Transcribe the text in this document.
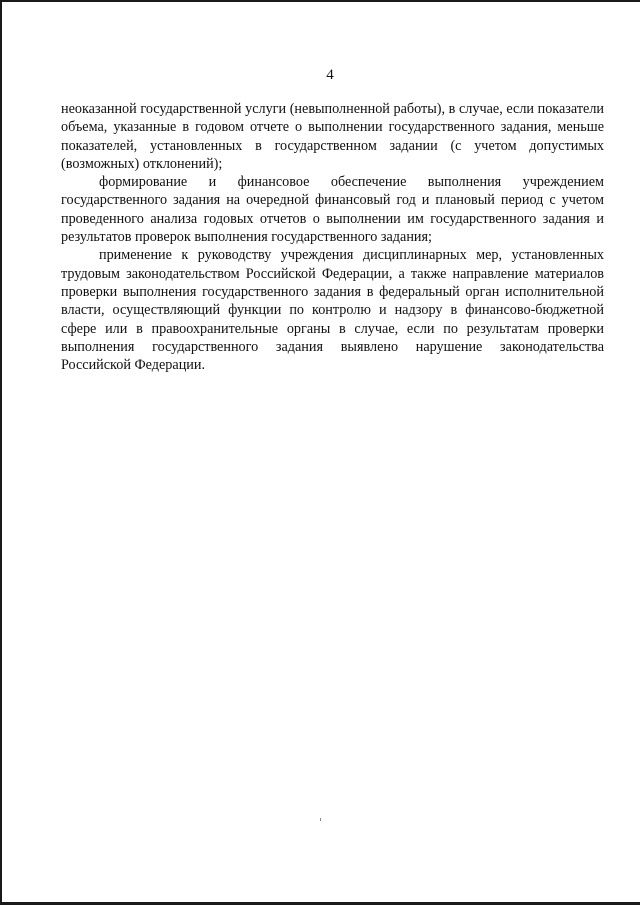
4

неоказанной государственной услуги (невыполненной работы), в случае, если показатели объема, указанные в годовом отчете о выполнении государственного задания, меньше показателей, установленных в государственном задании (с учетом допустимых (возможных) отклонений);

формирование и финансовое обеспечение выполнения учреждением государственного задания на очередной финансовый год и плановый период с учетом проведенного анализа годовых отчетов о выполнении им государственного задания и результатов проверок выполнения государственного задания;

применение к руководству учреждения дисциплинарных мер, установленных трудовым законодательством Российской Федерации, а также направление материалов проверки выполнения государственного задания в федеральный орган исполнительной власти, осуществляющий функции по контролю и надзору в финансово-бюджетной сфере или в правоохранительные органы в случае, если по результатам проверки выполнения государственного задания выявлено нарушение законодательства Российской Федерации.
